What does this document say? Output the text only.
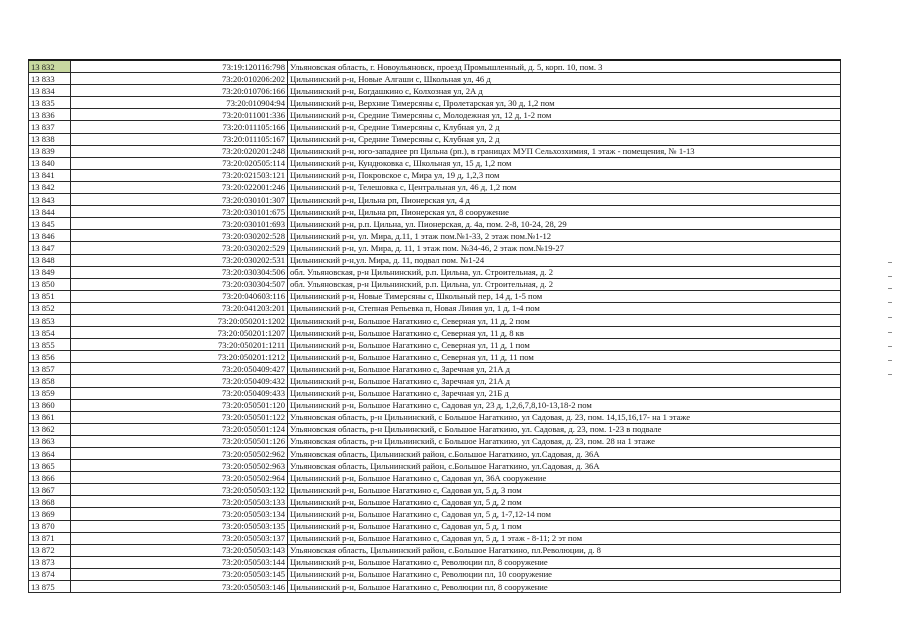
13 832	73:19:120116:798	Ульяновская область, г. Новоульяновск, проезд Промышленный, д. 5, корп. 10, пом. 3
13 833	73:20:010206:202	Цильнинский р-н, Новые Алгаши с, Школьная ул, 46 д
13 834	73:20:010706:166	Цильнинский р-н, Богдашкино с, Колхозная ул, 2А д
13 835	73:20:010904:94	Цильнинский р-н, Верхние Тимерсяны с, Пролетарская ул, 30 д, 1,2 пом
13 836	73:20:011001:336	Цильнинский р-н, Средние Тимерсяны с, Молодежная ул, 12 д, 1-2 пом
13 837	73:20:011105:166	Цильнинский р-н, Средние Тимерсяны с, Клубная ул, 2 д
13 838	73:20:011105:167	Цильнинский р-н, Средние Тимерсяны с, Клубная ул, 2 д
13 839	73:20:020201:248	Цильнинский р-н, юго-западнее рп Цильна (рп.), в границах МУП Сельхозхимия, 1 этаж - помещения, № 1-13
13 840	73:20:020505:114	Цильнинский р-н, Кундюковка с, Школьная ул, 15 д, 1,2 пом
13 841	73:20:021503:121	Цильнинский р-н, Покровское с, Мира ул, 19 д, 1,2,3 пом
13 842	73:20:022001:246	Цильнинский р-н, Телешовка с, Центральная ул, 46 д, 1,2 пом
13 843	73:20:030101:307	Цильнинский р-н, Цильна рп, Пионерская ул, 4 д
13 844	73:20:030101:675	Цильнинский р-н, Цильна рп, Пионерская ул, 8 сооружение
13 845	73:20:030101:693	Цильнинский р-н, р.п. Цильна, ул. Пионерская, д. 4а, пом. 2-8, 10-24, 28, 29
13 846	73:20:030202:528	Цильнинский р-н, ул. Мира, д.11, 1 этаж пом.№1-33, 2 этаж пом.№1-12
13 847	73:20:030202:529	Цильнинский р-н, ул. Мира, д. 11, 1 этаж пом. №34-46, 2 этаж пом.№19-27
13 848	73:20:030202:531	Цильнинский р-н,ул. Мира, д. 11, подвал пом. №1-24
13 849	73:20:030304:506	обл. Ульяновская, р-н Цильнинский, р.п. Цильна, ул. Строительная, д. 2
13 850	73:20:030304:507	обл. Ульяновская, р-н Цильнинский, р.п. Цильна, ул. Строительная, д. 2
13 851	73:20:040603:116	Цильнинский р-н, Новые Тимерсяны с, Школьный пер, 14 д, 1-5 пом
13 852	73:20:041203:201	Цильнинский р-н, Степная Репьевка п, Новая Линия ул, 1 д, 1-4 пом
13 853	73:20:050201:1202	Цильнинский р-н, Большое Нагаткино с, Северная ул, 11 д, 2 пом
13 854	73:20:050201:1207	Цильнинский р-н, Большое Нагаткино с, Северная ул, 11 д, 8 кв
13 855	73:20:050201:1211	Цильнинский р-н, Большое Нагаткино с, Северная ул, 11 д, 1 пом
13 856	73:20:050201:1212	Цильнинский р-н, Большое Нагаткино с, Северная ул, 11 д, 11 пом
13 857	73:20:050409:427	Цильнинский р-н, Большое Нагаткино с, Заречная ул, 21А д
13 858	73:20:050409:432	Цильнинский р-н, Большое Нагаткино с, Заречная ул, 21А д
13 859	73:20:050409:433	Цильнинский р-н, Большое Нагаткино с, Заречная ул, 21Б д
13 860	73:20:050501:120	Цильнинский р-н, Большое Нагаткино с, Садовая ул, 23 д, 1,2,6,7,8,10-13,18-2 пом
13 861	73:20:050501:122	Ульяновская область, р-н Цильнинский, с Большое Нагаткино, ул Садовая, д. 23, пом. 14,15,16,17- на 1 этаже
13 862	73:20:050501:124	Ульяновская область, р-н Цильнинский, с Большое Нагаткино, ул. Садовая, д. 23, пом. 1-23 в подвале
13 863	73:20:050501:126	Ульяновская область, р-н Цильнинский, с Большое Нагаткино, ул Садовая, д. 23, пом. 28 на 1 этаже
13 864	73:20:050502:962	Ульяновская область, Цильнинский район, с.Большое Нагаткино, ул.Садовая, д. 36А
13 865	73:20:050502:963	Ульяновская область, Цильнинский район, с.Большое Нагаткино, ул.Садовая, д. 36А
13 866	73:20:050502:964	Цильнинский р-н, Большое Нагаткино с, Садовая ул, 36А сооружение
13 867	73:20:050503:132	Цильнинский р-н, Большое Нагаткино с, Садовая ул, 5 д, 3 пом
13 868	73:20:050503:133	Цильнинский р-н, Большое Нагаткино с, Садовая ул, 5 д, 2 пом
13 869	73:20:050503:134	Цильнинский р-н, Большое Нагаткино с, Садовая ул, 5 д, 1-7,12-14 пом
13 870	73:20:050503:135	Цильнинский р-н, Большое Нагаткино с, Садовая ул, 5 д, 1 пом
13 871	73:20:050503:137	Цильнинский р-н, Большое Нагаткино с, Садовая ул, 5 д, 1 этаж - 8-11; 2 эт пом
13 872	73:20:050503:143	Ульяновская область, Цильнинский район, с.Большое Нагаткино, пл.Революции, д. 8
13 873	73:20:050503:144	Цильнинский р-н, Большое Нагаткино с, Революции пл, 8 сооружение
13 874	73:20:050503:145	Цильнинский р-н, Большое Нагаткино с, Революции пл, 10 сооружение
13 875	73:20:050503:146	Цильнинский р-н, Большое Нагаткино с, Революции пл, 8 сооружение
